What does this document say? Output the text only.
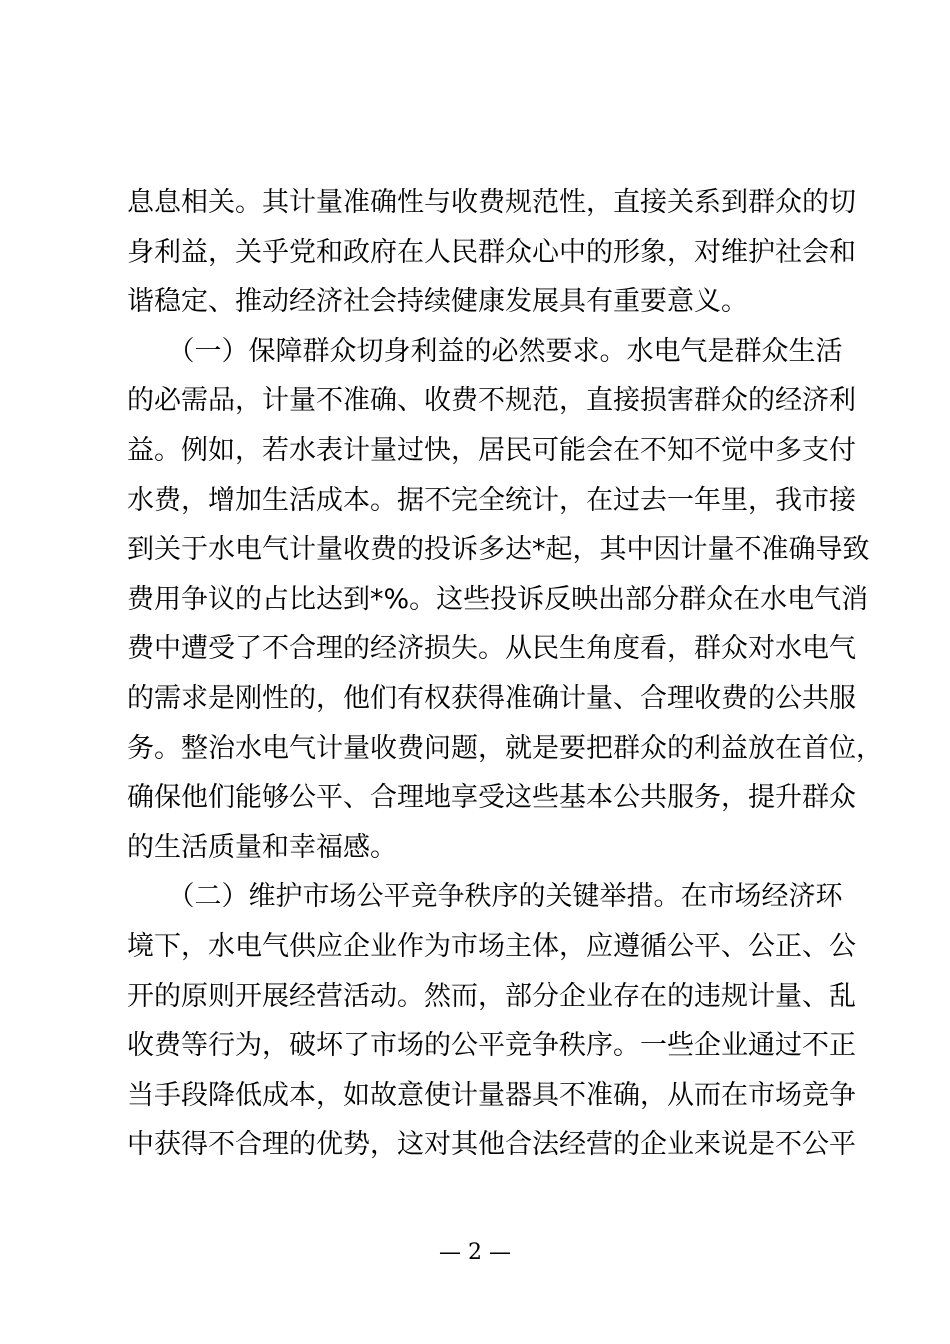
息息相关。其计量准确性与收费规范性，直接关系到群众的切
身利益，关乎党和政府在人民群众心中的形象，对维护社会和
谐稳定、推动经济社会持续健康发展具有重要意义。
　　（一）保障群众切身利益的必然要求。水电气是群众生活
的必需品，计量不准确、收费不规范，直接损害群众的经济利
益。例如，若水表计量过快，居民可能会在不知不觉中多支付
水费，增加生活成本。据不完全统计，在过去一年里，我市接
到关于水电气计量收费的投诉多达*起，其中因计量不准确导致
费用争议的占比达到*%。这些投诉反映出部分群众在水电气消
费中遭受了不合理的经济损失。从民生角度看，群众对水电气
的需求是刚性的，他们有权获得准确计量、合理收费的公共服
务。整治水电气计量收费问题，就是要把群众的利益放在首位，
确保他们能够公平、合理地享受这些基本公共服务，提升群众
的生活质量和幸福感。
　　（二）维护市场公平竞争秩序的关键举措。在市场经济环
境下，水电气供应企业作为市场主体，应遵循公平、公正、公
开的原则开展经营活动。然而，部分企业存在的违规计量、乱
收费等行为，破坏了市场的公平竞争秩序。一些企业通过不正
当手段降低成本，如故意使计量器具不准确，从而在市场竞争
中获得不合理的优势，这对其他合法经营的企业来说是不公平
— 2 —
